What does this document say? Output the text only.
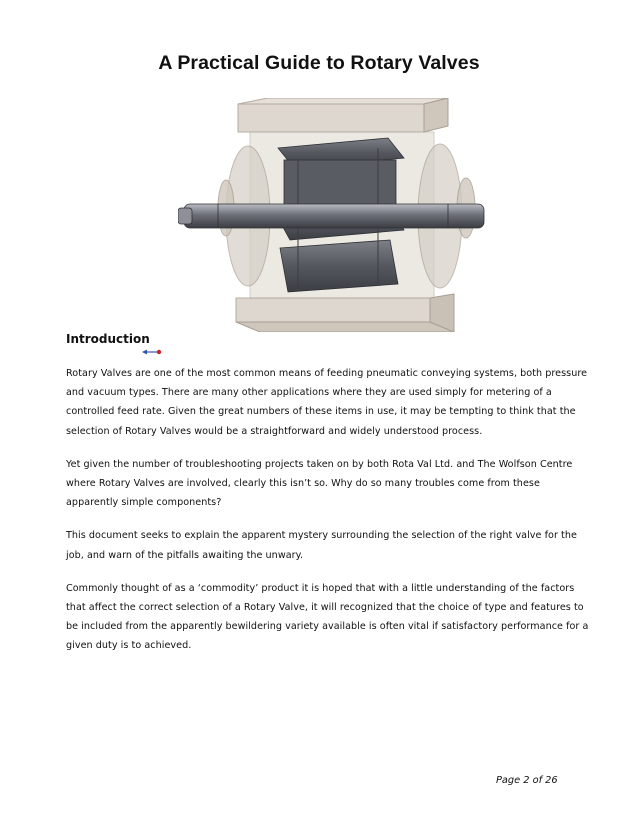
A Practical Guide to Rotary Valves
Introduction

Rotary Valves are one of the most common means of feeding pneumatic conveying systems, both pressure and vacuum types. There are many other applications where they are used simply for metering of a controlled feed rate. Given the great numbers of these items in use, it may be tempting to think that the selection of Rotary Valves would be a straightforward and widely understood process.

Yet given the number of troubleshooting projects taken on by both Rota Val Ltd. and The Wolfson Centre where Rotary Valves are involved, clearly this isn’t so. Why do so many troubles come from these apparently simple components?

This document seeks to explain the apparent mystery surrounding the selection of the right valve for the job, and warn of the pitfalls awaiting the unwary.

Commonly thought of as a ‘commodity’ product it is hoped that with a little understanding of the factors that affect the correct selection of a Rotary Valve, it will recognized that the choice of type and features to be included from the apparently bewildering variety available is often vital if satisfactory performance for a given duty is to achieved.

Page 2 of 26
